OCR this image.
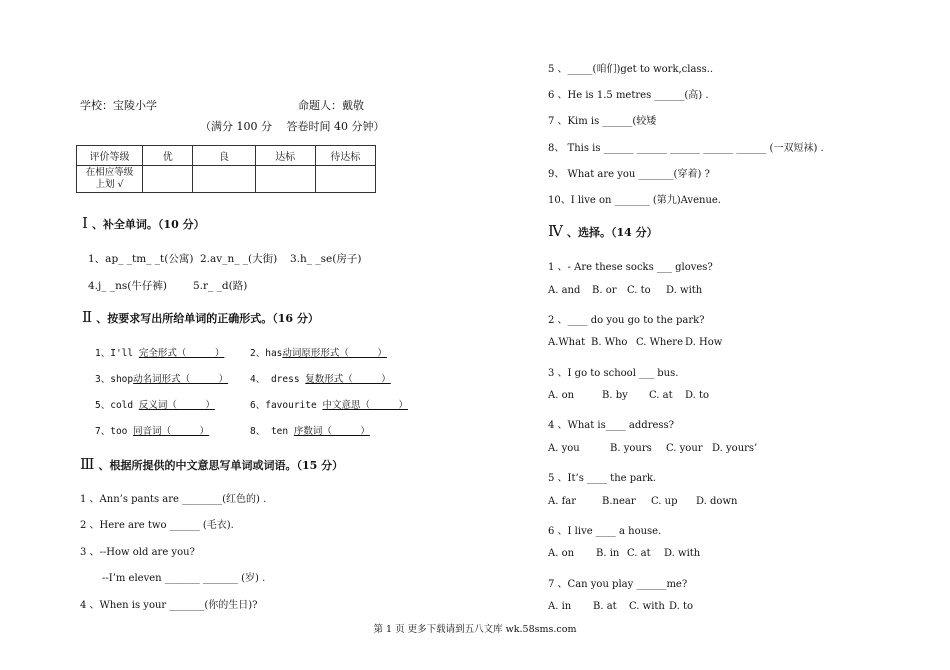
学校：宝陵小学	命题人：戴敬
（满分 100 分　 答卷时间 40 分钟）
评价等级	优	良	达标	待达标
在相应等级
上划 √				
Ⅰ 、补全单词。（10 分）
1、ap_ _tm_ _t(公寓) 2.av_n_ _(大街) 3.h_ _se(房子)
4.j_ _ns(牛仔裤) 5.r_ _d(路)
Ⅱ 、按要求写出所给单词的正确形式。（16 分）
1、I'll 完全形式（　　　）	2、has动词原形形式（　　　）
3、shop动名词形式（　　　） 4、 dress 复数形式（　　　）
5、cold 反义词（　　　）	6、favourite 中文意思（　　　）
7、too 同音词（　　　）	8、 ten 序数词（　　　）
Ⅲ 、根据所提供的中文意思写单词或词语。（15 分）
1 、Ann’s pants are ________(红色的) .
2 、Here are two ______ (毛衣).
3 、--How old are you?
--I’m eleven _______ _______ (岁) .
4 、When is your _______(你的生日)?
5 、_____(咱们)get to work,class..
6 、He is 1.5 metres ______(高) .
7 、Kim is ______(较矮
8、 This is ______ ______ ______ ______ ______ (一双短袜) .
9、 What are you _______(穿着) ?
10、I live on _______ (第九)Avenue.
Ⅳ 、选择。（14 分）
1 、- Are these socks ___ gloves?
A. and B. or C. to D. with
2 、____ do you go to the park?
A.What B. Who C. Where D. How
3 、I go to school ___ bus.
A. on	B. by C. at D. to
4 、What is____ address?
A. you	B. yours C. your D. yours’
5 、It’s ____ the park.
A. far	B.near C. up D. down
6 、I live ____ a house.
A. on B. in C. at D. with
7 、Can you play ______me?
A. in B. at C. with D. to
第 1 页 更多下载请到五八文库 wk.58sms.com
